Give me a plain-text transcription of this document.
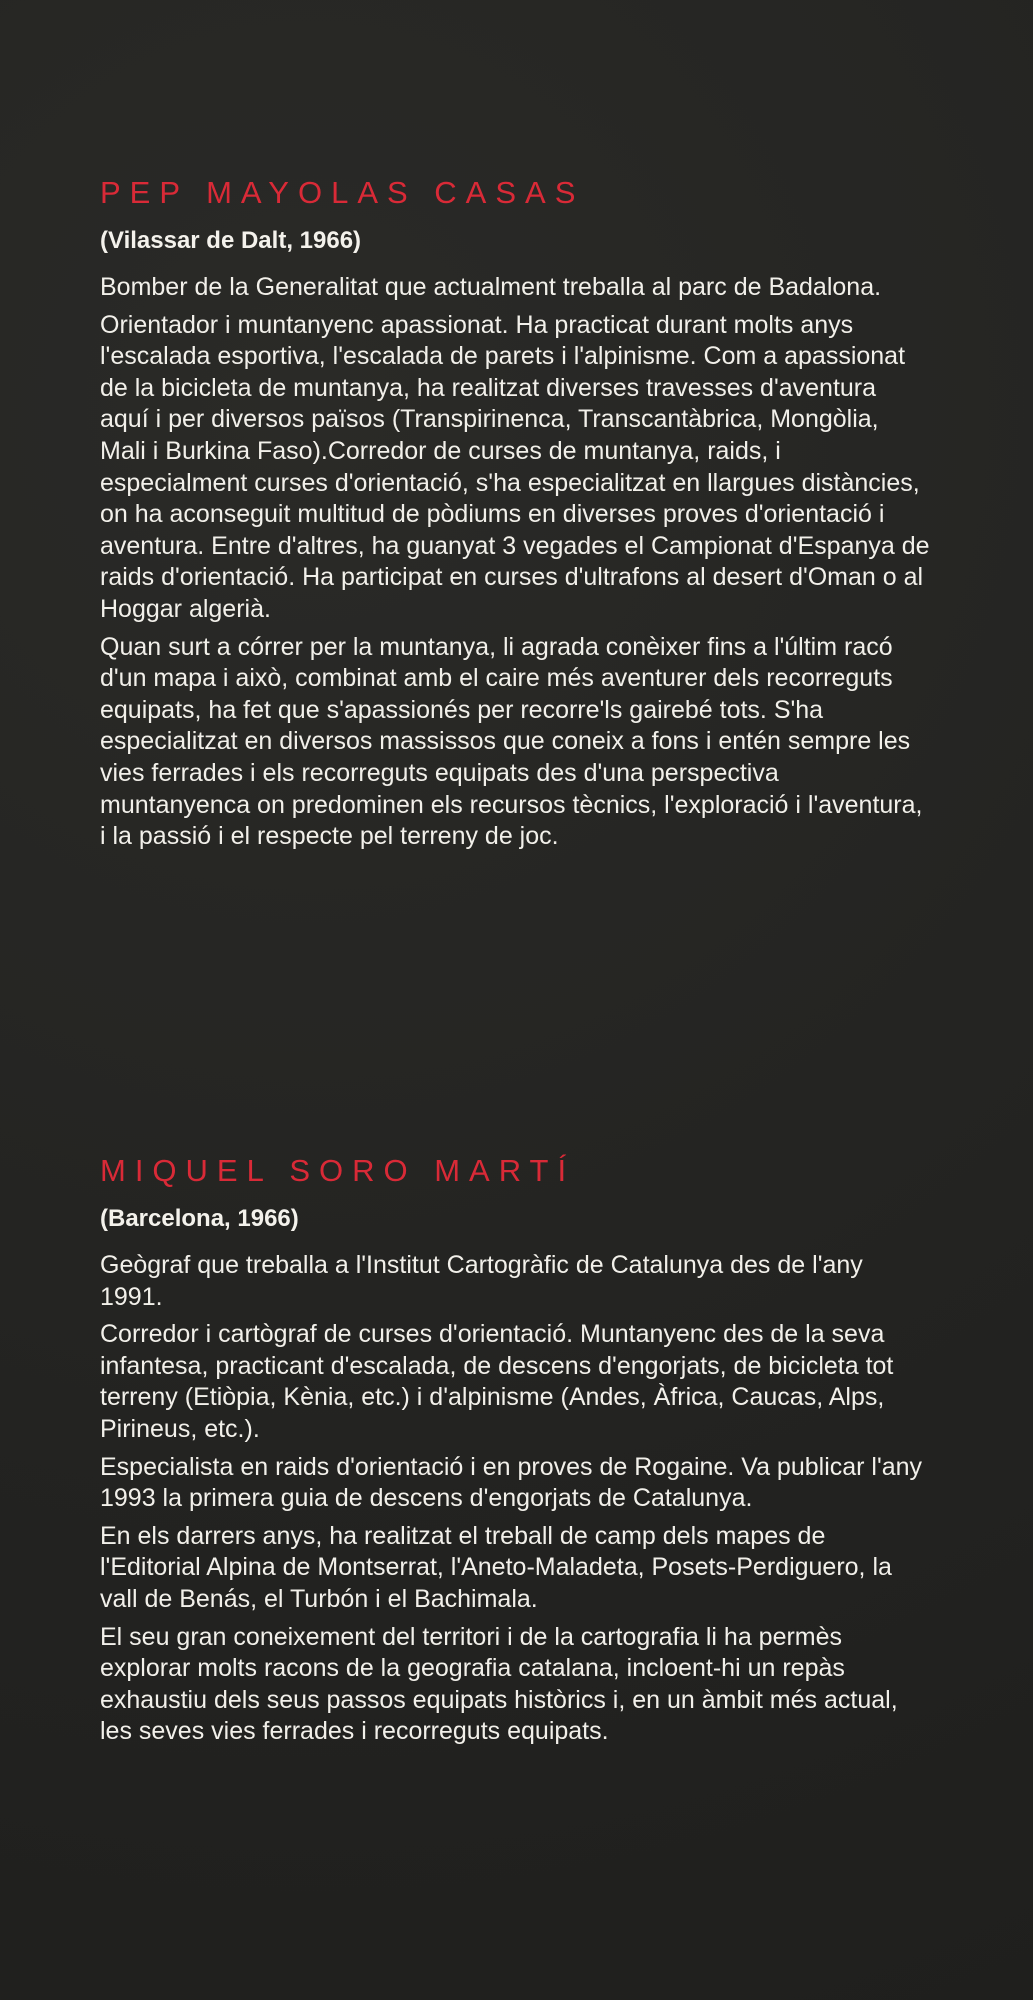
PEP MAYOLAS CASAS
(Vilassar de Dalt, 1966)

Bomber de la Generalitat que actualment treballa al parc de Badalona.

Orientador i muntanyenc apassionat. Ha practicat durant molts anys l'escalada esportiva, l'escalada de parets i l'alpinisme. Com a apassionat de la bicicleta de muntanya, ha realitzat diverses travesses d'aventura aquí i per diversos països (Transpirinenca, Transcantàbrica, Mongòlia, Mali i Burkina Faso).Corredor de curses de muntanya, raids, i especialment curses d'orientació, s'ha especialitzat en llargues distàncies, on ha aconseguit multitud de pòdiums en diverses proves d'orientació i aventura. Entre d'altres, ha guanyat 3 vegades el Campionat d'Espanya de raids d'orientació. Ha participat en curses d'ultrafons al desert d'Oman o al Hoggar algerià.

Quan surt a córrer per la muntanya, li agrada conèixer fins a l'últim racó d'un mapa i això, combinat amb el caire més aventurer dels recorreguts equipats, ha fet que s'apassionés per recorre'ls gairebé tots. S'ha especialitzat en diversos massissos que coneix a fons i entén sempre les vies ferrades i els recorreguts equipats des d'una perspectiva muntanyenca on predominen els recursos tècnics, l'exploració i l'aventura, i la passió i el respecte pel terreny de joc.

MIQUEL SORO MARTÍ
(Barcelona, 1966)

Geògraf que treballa a l'Institut Cartogràfic de Catalunya des de l'any 1991.

Corredor i cartògraf de curses d'orientació. Muntanyenc des de la seva infantesa, practicant d'escalada, de descens d'engorjats, de bicicleta tot terreny (Etiòpia, Kènia, etc.) i d'alpinisme (Andes, Àfrica, Caucas, Alps, Pirineus, etc.).

Especialista en raids d'orientació i en proves de Rogaine. Va publicar l'any 1993 la primera guia de descens d'engorjats de Catalunya.

En els darrers anys, ha realitzat el treball de camp dels mapes de l'Editorial Alpina de Montserrat, l'Aneto-Maladeta, Posets-Perdiguero, la vall de Benás, el Turbón i el Bachimala.

El seu gran coneixement del territori i de la cartografia li ha permès explorar molts racons de la geografia catalana, incloent-hi un repàs exhaustiu dels seus passos equipats històrics i, en un àmbit més actual, les seves vies ferrades i recorreguts equipats.
